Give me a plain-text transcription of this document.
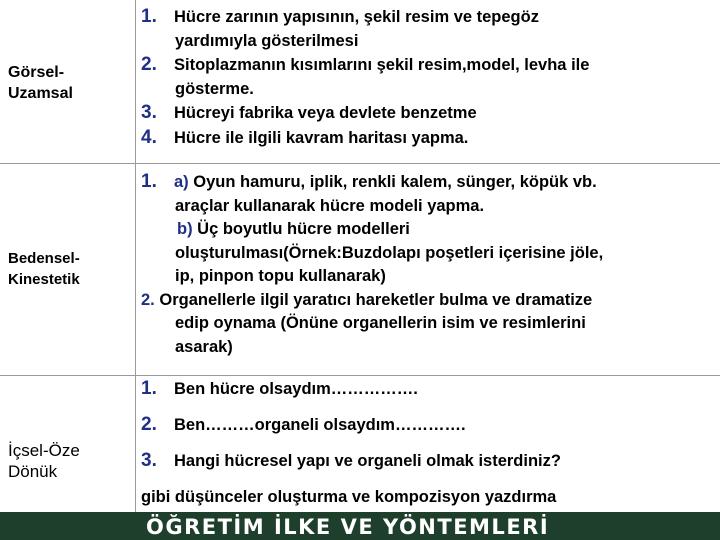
Görsel-
Uzamsal
1. Hücre zarının yapısının, şekil resim ve tepegöz
yardımıyla gösterilmesi
2. Sitoplazmanın kısımlarını şekil resim,model, levha ile
gösterme.
3. Hücreyi fabrika veya devlete benzetme
4. Hücre ile ilgili kavram haritası yapma.
Bedensel-
Kinestetik
1. a) Oyun hamuru, iplik, renkli kalem, sünger, köpük vb.
araçlar kullanarak hücre modeli yapma.
b) Üç boyutlu hücre modelleri
oluşturulması(Örnek:Buzdolapı poşetleri içerisine jöle,
ip, pinpon topu kullanarak)
2. Organellerle ilgil yaratıcı hareketler bulma ve dramatize
edip oynama (Önüne organellerin isim ve resimlerini
asarak)
İçsel-Öze
Dönük
1. Ben hücre olsaydım…………….
2. Ben………organeli olsaydım………….
3. Hangi hücresel yapı ve organeli olmak isterdiniz?
gibi düşünceler oluşturma ve kompozisyon yazdırma
ÖĞRETİM İLKE VE YÖNTEMLERİ
